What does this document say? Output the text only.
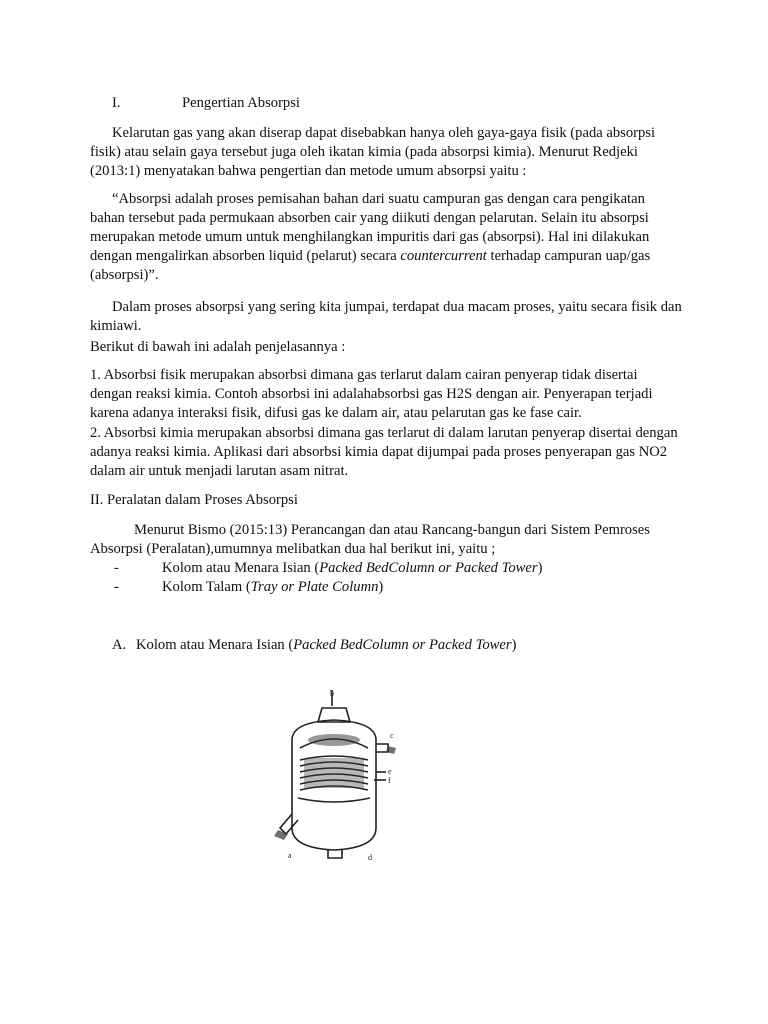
I.	Pengertian Absorpsi

Kelarutan gas yang akan diserap dapat disebabkan hanya oleh gaya-gaya fisik (pada absorpsi fisik) atau selain gaya tersebut juga oleh ikatan kimia (pada absorpsi kimia). Menurut Redjeki (2013:1) menyatakan bahwa pengertian dan metode umum absorpsi yaitu :

“Absorpsi adalah proses pemisahan bahan dari suatu campuran gas dengan cara pengikatan bahan tersebut pada permukaan absorben cair yang diikuti dengan pelarutan. Selain itu absorpsi merupakan metode umum untuk menghilangkan impuritis dari gas (absorpsi). Hal ini dilakukan dengan mengalirkan absorben liquid (pelarut) secara countercurrent terhadap campuran uap/gas (absorpsi)”.

Dalam proses absorpsi yang sering kita jumpai, terdapat dua macam proses, yaitu secara fisik dan kimiawi.

Berikut di bawah ini adalah penjelasannya :

1. Absorbsi fisik merupakan absorbsi dimana gas terlarut dalam cairan penyerap tidak disertai dengan reaksi kimia. Contoh absorbsi ini adalahabsorbsi gas H2S dengan air. Penyerapan terjadi karena adanya interaksi fisik, difusi gas ke dalam air, atau pelarutan gas ke fase cair.

2. Absorbsi kimia merupakan absorbsi dimana gas terlarut di dalam larutan penyerap disertai dengan adanya reaksi kimia. Aplikasi dari absorbsi kimia dapat dijumpai pada proses penyerapan gas NO2 dalam air untuk menjadi larutan asam nitrat.

II. Peralatan dalam Proses Absorpsi

Menurut Bismo (2015:13) Perancangan dan atau Rancang-bangun dari Sistem Pemroses
Absorpsi (Peralatan),umumnya melibatkan dua hal berikut ini, yaitu ;
-	Kolom atau Menara Isian (Packed BedColumn or Packed Tower)
-	Kolom Talam (Tray or Plate Column)

A. Kolom atau Menara Isian (Packed BedColumn or Packed Tower)

b
c
e
f
a	d
